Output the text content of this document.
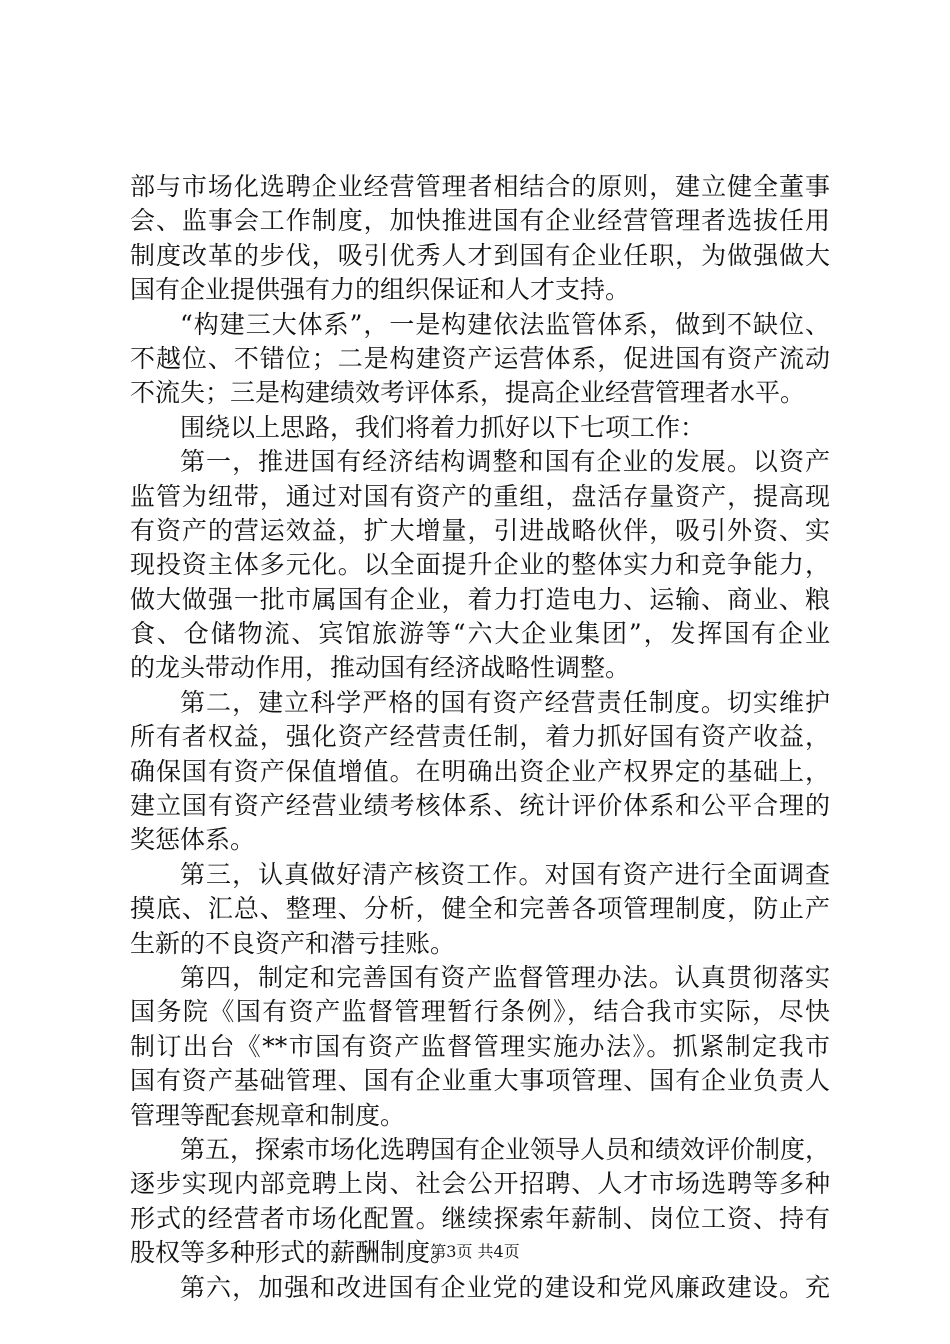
部与市场化选聘企业经营管理者相结合的原则，建立健全董事
会、监事会工作制度，加快推进国有企业经营管理者选拔任用
制度改革的步伐，吸引优秀人才到国有企业任职，为做强做大
国有企业提供强有力的组织保证和人才支持。
“构建三大体系”，一是构建依法监管体系，做到不缺位、
不越位、不错位；二是构建资产运营体系，促进国有资产流动
不流失；三是构建绩效考评体系，提高企业经营管理者水平。
围绕以上思路，我们将着力抓好以下七项工作：
第一，推进国有经济结构调整和国有企业的发展。以资产
监管为纽带，通过对国有资产的重组，盘活存量资产，提高现
有资产的营运效益，扩大增量，引进战略伙伴，吸引外资、实
现投资主体多元化。以全面提升企业的整体实力和竞争能力，
做大做强一批市属国有企业，着力打造电力、运输、商业、粮
食、仓储物流、宾馆旅游等“六大企业集团”，发挥国有企业
的龙头带动作用，推动国有经济战略性调整。
第二，建立科学严格的国有资产经营责任制度。切实维护
所有者权益，强化资产经营责任制，着力抓好国有资产收益，
确保国有资产保值增值。在明确出资企业产权界定的基础上，
建立国有资产经营业绩考核体系、统计评价体系和公平合理的
奖惩体系。
第三，认真做好清产核资工作。对国有资产进行全面调查
摸底、汇总、整理、分析，健全和完善各项管理制度，防止产
生新的不良资产和潜亏挂账。
第四，制定和完善国有资产监督管理办法。认真贯彻落实
国务院《国有资产监督管理暂行条例》，结合我市实际，尽快
制订出台《**市国有资产监督管理实施办法》。抓紧制定我市
国有资产基础管理、国有企业重大事项管理、国有企业负责人
管理等配套规章和制度。
第五，探索市场化选聘国有企业领导人员和绩效评价制度，
逐步实现内部竞聘上岗、社会公开招聘、人才市场选聘等多种
形式的经营者市场化配置。继续探索年薪制、岗位工资、持有
股权等多种形式的薪酬制度。
第六，加强和改进国有企业党的建设和党风廉政建设。充
第3页 共4页
